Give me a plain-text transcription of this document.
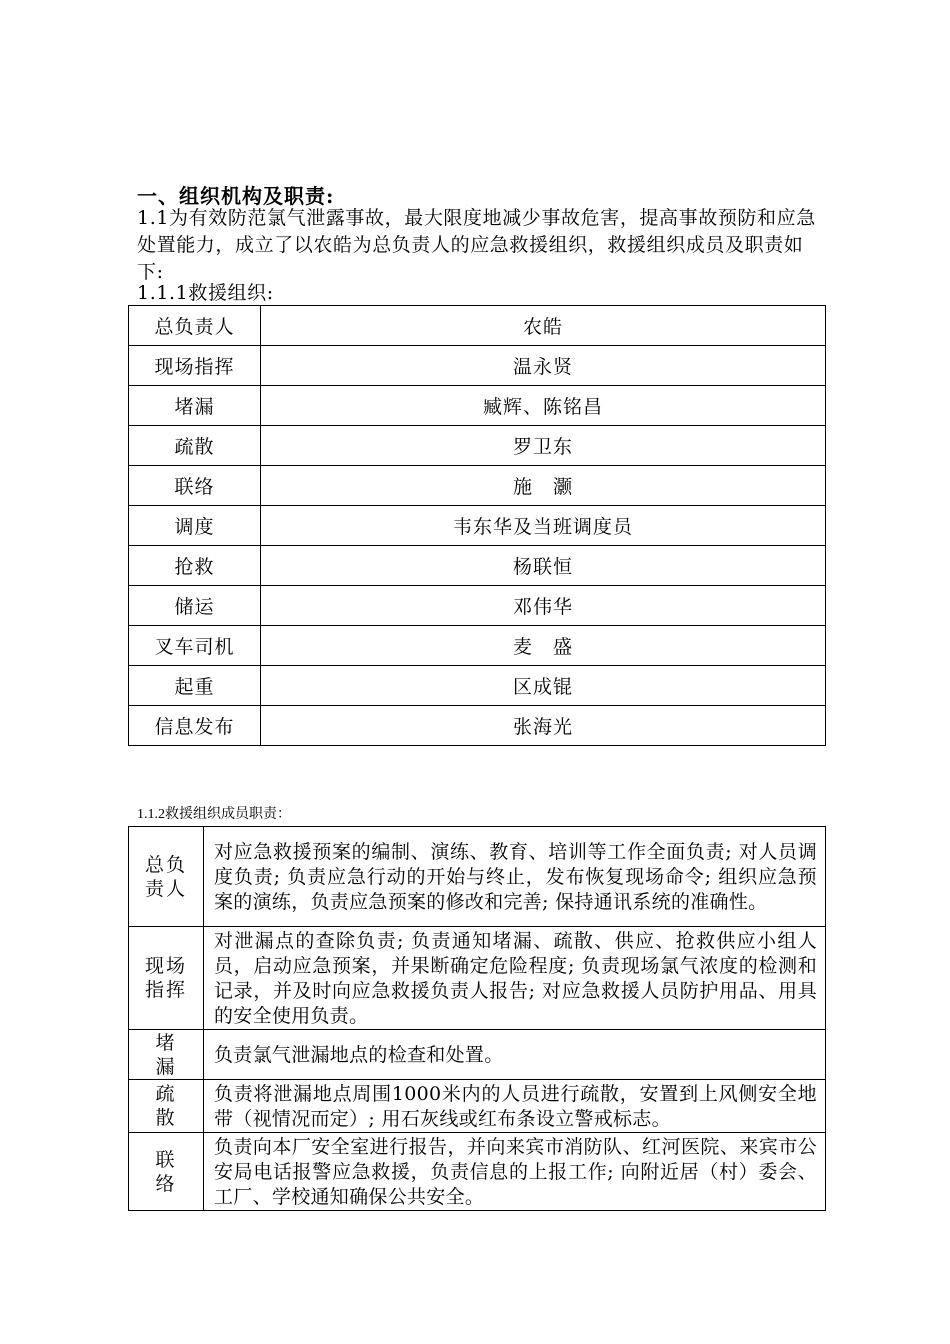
一、组织机构及职责:
1.1为有效防范氯气泄露事故，最大限度地减少事故危害，提高事故预防和应急处置能力，成立了以农皓为总负责人的应急救援组织，救援组织成员及职责如下:
1.1.1救援组织:
总负责人	农皓
现场指挥	温永贤
堵漏	臧辉、陈铭昌
疏散	罗卫东
联络	施　灏
调度	韦东华及当班调度员
抢救	杨联恒
储运	邓伟华
叉车司机	麦　盛
起重	区成锟
信息发布	张海光
1.1.2救援组织成员职责：
总负
责人	对应急救援预案的编制、演练、教育、培训等工作全面负责; 对人员调度负责; 负责应急行动的开始与终止，发布恢复现场命令; 组织应急预案的演练，负责应急预案的修改和完善; 保持通讯系统的准确性。
现场
指挥	对泄漏点的查除负责; 负责通知堵漏、疏散、供应、抢救供应小组人员，启动应急预案，并果断确定危险程度; 负责现场氯气浓度的检测和记录，并及时向应急救援负责人报告; 对应急救援人员防护用品、用具的安全使用负责。
堵
漏	负责氯气泄漏地点的检查和处置。
疏
散	负责将泄漏地点周围1000米内的人员进行疏散，安置到上风侧安全地带（视情况而定）; 用石灰线或红布条设立警戒标志。
联
络	负责向本厂安全室进行报告，并向来宾市消防队、红河医院、来宾市公安局电话报警应急救援，负责信息的上报工作; 向附近居（村）委会、工厂、学校通知确保公共安全。
